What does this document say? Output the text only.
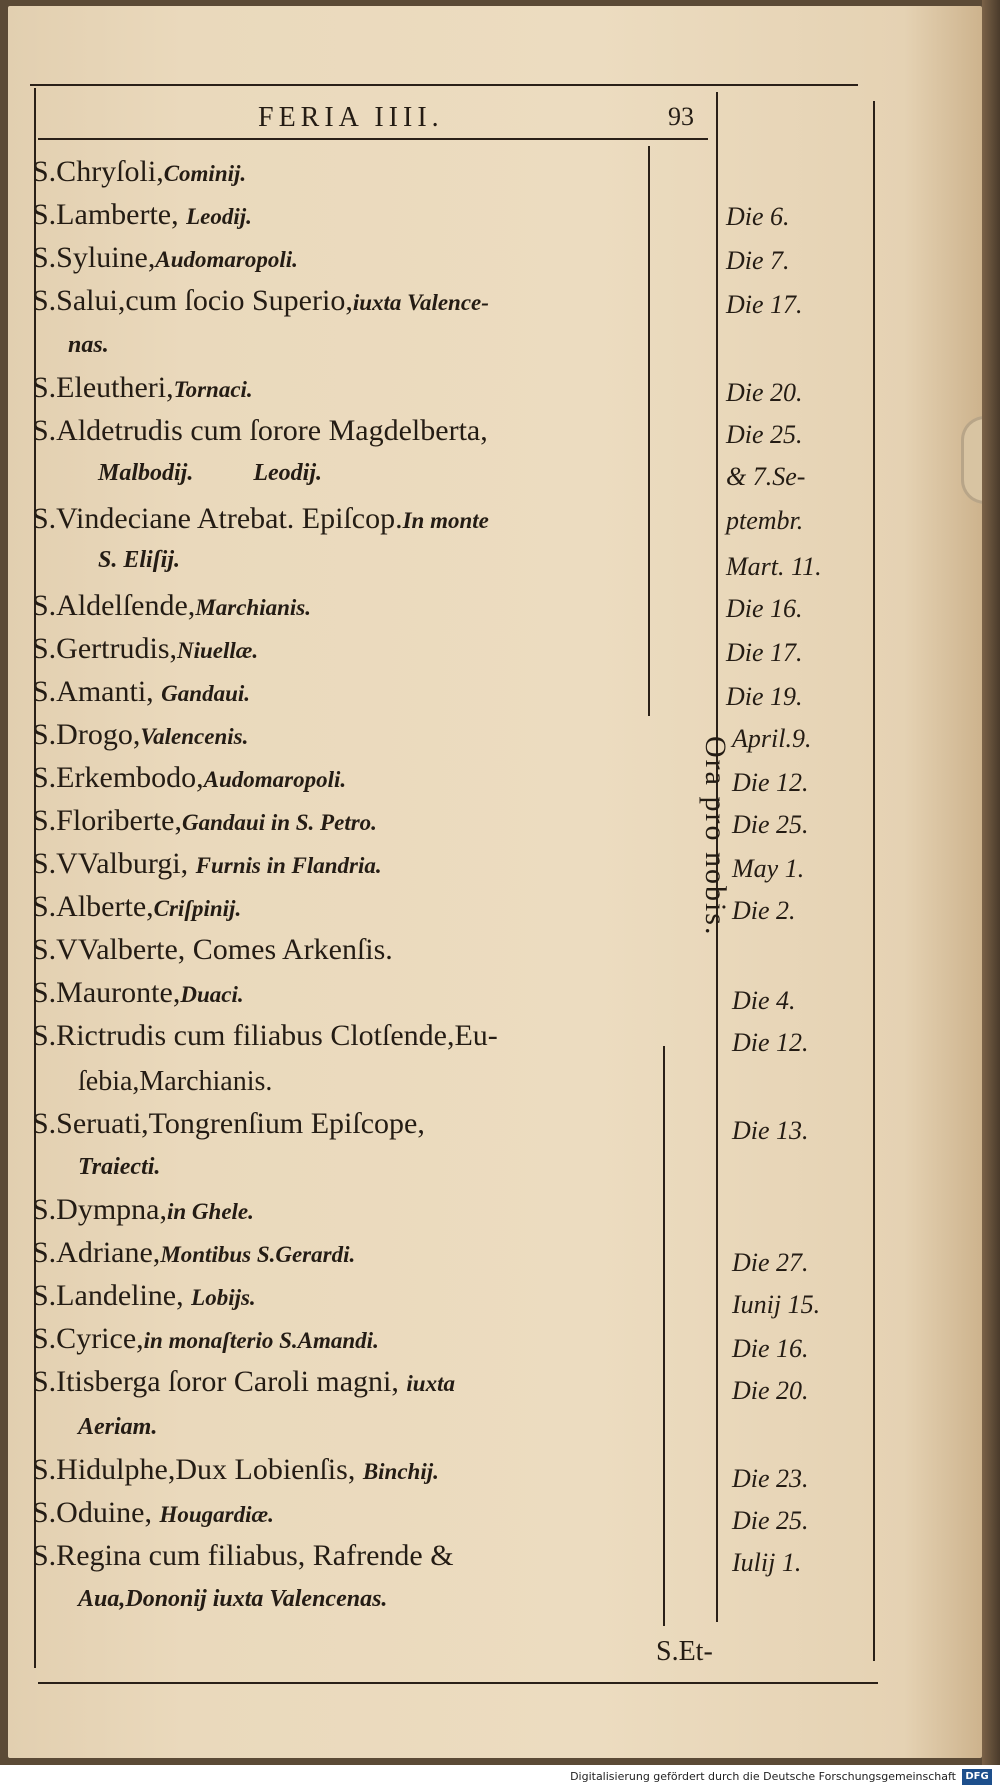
FERIA IIII.	93
S.Chryſoli,Cominij.
S.Lamberte, Leodij.
S.Syluine,Audomaropoli.
S.Salui,cum ſocio Superio,iuxta Valence-
nas.
S.Eleutheri,Tornaci.
S.Aldetrudis cum ſorore Magdelberta,
Malbodij.          Leodij.
S.Vindeciane Atrebat. Epiſcop.In monte
S. Eliſij.
S.Aldelſende,Marchianis.
S.Gertrudis,Niuellæ.
S.Amanti, Gandaui.
S.Drogo,Valencenis.
S.Erkembodo,Audomaropoli.
S.Floriberte,Gandaui in S. Petro.
S.VValburgi, Furnis in Flandria.
S.Alberte,Criſpinij.
S.VValberte, Comes Arkenſis.
S.Mauronte,Duaci.
S.Rictrudis cum filiabus Clotſende,Eu-
ſebia,Marchianis.
S.Seruati,Tongrenſium Epiſcope,
Traiecti.
S.Dympna,in Ghele.
S.Adriane,Montibus S.Gerardi.
S.Landeline, Lobijs.
S.Cyrice,in monaſterio S.Amandi.
S.Itisberga ſoror Caroli magni, iuxta
Aeriam.
S.Hidulphe,Dux Lobienſis, Binchij.
S.Oduine, Hougardiæ.
S.Regina cum filiabus, Rafrende &
Aua,Dononij iuxta Valencenas.
Die 6.
Die 7.
Die 17.
Die 20.
Die 25.
& 7.Se-
ptembr.
Mart. 11.
Die 16.
Die 17.
Die 19.
April.9.
Die 12.
Die 25.
May 1.
Die 2.
Die 4.
Die 12.
Die 13.
Die 27.
Iunij 15.
Die 16.
Die 20.
Die 23.
Die 25.
Iulij 1.
Ora pro nobis.
S.Et-
Digitalisierung gefördert durch die Deutsche Forschungsgemeinschaft DFG
